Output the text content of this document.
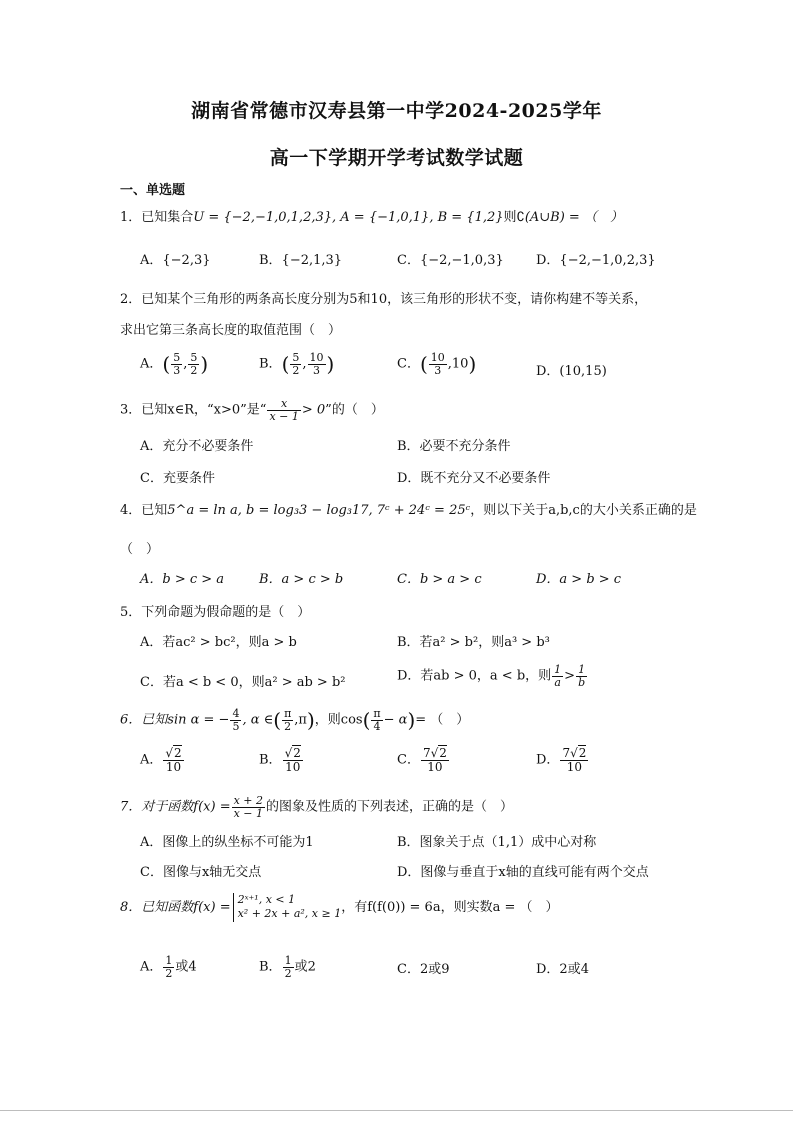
湖南省常德市汉寿县第一中学2024-2025学年
高一下学期开学考试数学试题
一、单选题
1．已知集合U = {−2,−1,0,1,2,3}, A = {−1,0,1}, B = {1,2}则∁(A∪B) = （　）
A．{−2,3}	B．{−2,1,3}	C．{−2,−1,0,3} D．{−2,−1,0,2,3}
2．已知某个三角形的两条高长度分别为5和10，该三角形的形状不变，请你构建不等关系，
求出它第三条高长度的取值范围（　）
A．( $\frac{5}{3}$ , $\frac{5}{2}$ )	B．( $\frac{5}{2}$ , $\frac{10}{3}$ )	C．( $\frac{10}{3} ,10$)	D．(10,15)
3．已知x∈R，“x>0”是“ $\frac{x}{x - 1} > 0$”的（　）
A．充分不必要条件	B．必要不充分条件
C．充要条件	D．既不充分又不必要条件
4．已知5^a = ln a, b = log₃3 − log₃17, 7ᶜ + 24ᶜ = 25ᶜ，则以下关于a,b,c的大小关系正确的是
（　）
A．b > c > a	B．a > c > b	C．b > a > c	D．a > b > c
5．下列命题为假命题的是（　）
A．若ac² > bc²，则a > b	B．若a² > b²，则a³ > b³
C．若a < b < 0，则a² > ab > b²	D．若ab > 0，a < b，则 $\frac{1}{a} > \frac{1}{b}$
6．已知sin α = − $\frac{4}{5}$ , α ∈( $\frac{\pi}{2} ,\pi$)，则$\cos( \frac{\pi}{4} - \alpha)=$ （　）
A． $\frac{√2}{10}$	B． $\frac{√2}{10}$	C． $\frac{7√2}{10}$	D． $\frac{7√2}{10}$
7．对于函数$f(x) = \frac{x + 2}{x - 1}$ 的图象及性质的下列表述，正确的是（　）
A．图像上的纵坐标不可能为1	B．图象关于点（1,1）成中心对称
C．图像与x轴无交点	D．图像与垂直于x轴的直线可能有两个交点
8．已知函数f(x) =
2ˣ⁺¹, x < 1
x² + 2x + a², x ≥ 1 ，有f(f(0)) = 6a，则实数a = （　）
A． $\frac{1}{2}$ 或4	B． $\frac{1}{2}$ 或2	C．2或9	D．2或4
